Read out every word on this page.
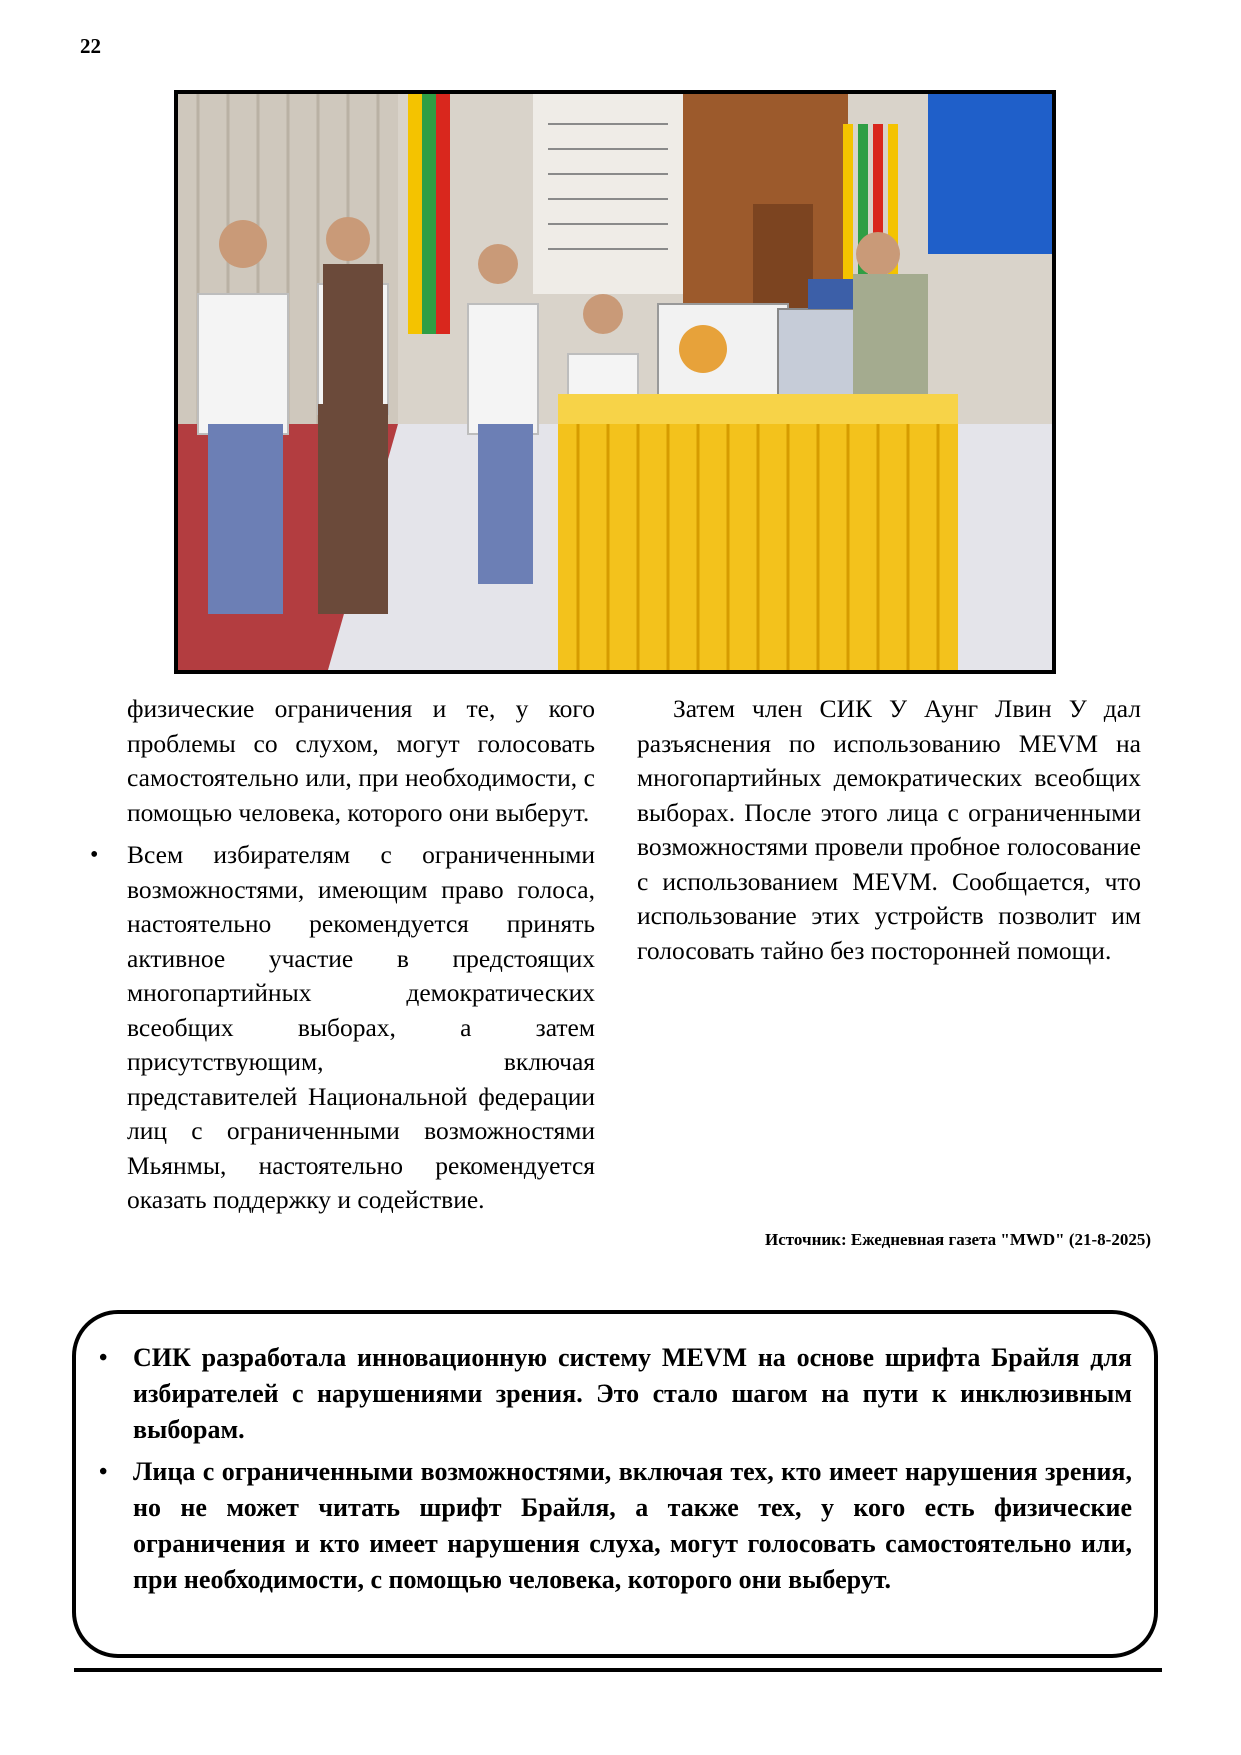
22

физические ограничения и те, у кого проблемы со слухом, могут голосовать самостоятельно или, при необходимости, с помощью человека, которого они выберут.

• Всем избирателям с ограниченными возможностями, имеющим право голоса, настоятельно рекомендуется принять активное участие в предстоящих многопартийных демократических всеобщих выборах, а затем присутствующим, включая представителей Национальной федерации лиц с ограниченными возможностями Мьянмы, настоятельно рекомендуется оказать поддержку и содействие.

Затем член СИК У Аунг Лвин У дал разъяснения по использованию MEVM на многопартийных демократических всеобщих выборах. После этого лица с ограниченными возможностями провели пробное голосование с использованием MEVM. Сообщается, что использование этих устройств позволит им голосовать тайно без посторонней помощи.

Источник: Ежедневная газета "MWD" (21-8-2025)
• СИК разработала инновационную систему MEVM на основе шрифта Брайля для избирателей с нарушениями зрения. Это стало шагом на пути к инклюзивным выборам.
• Лица с ограниченными возможностями, включая тех, кто имеет нарушения зрения, но не может читать шрифт Брайля, а также тех, у кого есть физические ограничения и кто имеет нарушения слуха, могут голосовать самостоятельно или, при необходимости, с помощью человека, которого они выберут.
